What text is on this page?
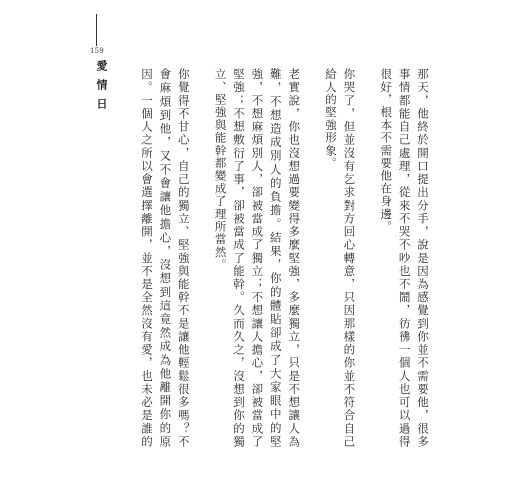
159
愛情日	那天，他終於開口提出分手，說是因為感覺到你並不需要他，很多事情都能自己處理，從來不哭不吵也不鬧，彷彿一個人也可以過得很好，根本不需要他在身邊。

你哭了，但並沒有乞求對方回心轉意，只因那樣的你並不符合自己給人的堅強形象。

老實說，你也沒想過要變得多麼堅強，多麼獨立，只是不想讓人為難，不想造成別人的負擔。結果，你的體貼卻成了大家眼中的堅強，不想麻煩別人，卻被當成了獨立；不想讓人擔心，卻被當成了堅強；不想敷衍了事，卻被當成了能幹。久而久之，沒想到你的獨立、堅強與能幹都變成了理所當然。

你覺得不甘心，自己的獨立、堅強與能幹不是讓他輕鬆很多嗎？不會麻煩到他，又不會讓他擔心，沒想到這竟然成為他離開你的原因。一個人之所以會選擇離開，並不是全然沒有愛，也未必是誰的
